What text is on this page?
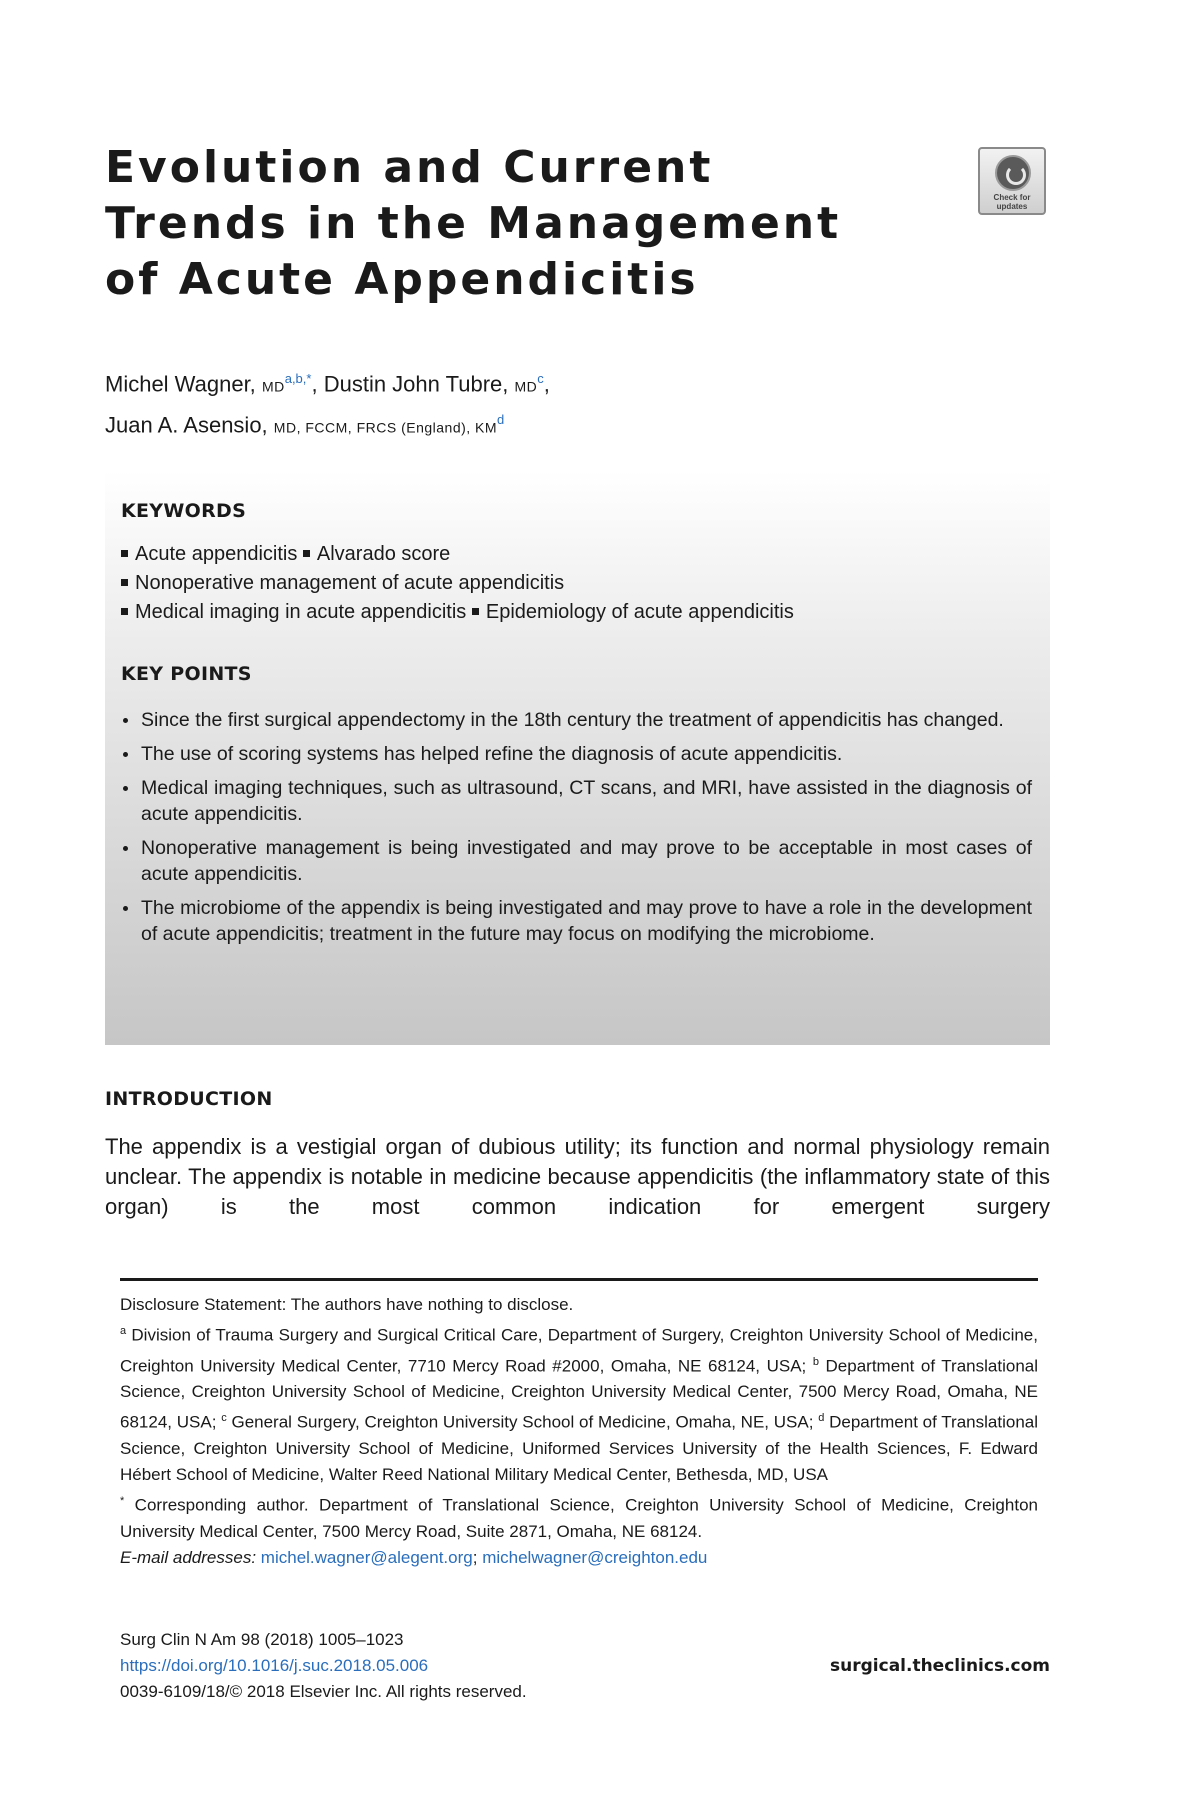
Evolution and Current
Trends in the Management
of Acute Appendicitis
Check for updates
Michel Wagner, $MD^{a,b,*}$, Dustin John Tubre, $MD^c$,
Juan A. Asensio, MD, FCCM, FRCS (England), $KM^d$
KEYWORDS

Acute appendicitis Alvarado score

Nonoperative management of acute appendicitis

Medical imaging in acute appendicitis Epidemiology of acute appendicitis

KEY POINTS
Since the first surgical appendectomy in the 18th century the treatment of appendicitis has changed.
The use of scoring systems has helped refine the diagnosis of acute appendicitis.
Medical imaging techniques, such as ultrasound, CT scans, and MRI, have assisted in the diagnosis of acute appendicitis.
Nonoperative management is being investigated and may prove to be acceptable in most cases of acute appendicitis.
The microbiome of the appendix is being investigated and may prove to have a role in the development of acute appendicitis; treatment in the future may focus on modifying the microbiome.
INTRODUCTION
The appendix is a vestigial organ of dubious utility; its function and normal physiology remain unclear. The appendix is notable in medicine because appendicitis (the inflammatory state of this organ) is the most common indication for emergent surgery

Disclosure Statement: The authors have nothing to disclose.

$^a$ Division of Trauma Surgery and Surgical Critical Care, Department of Surgery, Creighton University School of Medicine, Creighton University Medical Center, 7710 Mercy Road #2000, Omaha, NE 68124, USA; $^b$ Department of Translational Science, Creighton University School of Medicine, Creighton University Medical Center, 7500 Mercy Road, Omaha, NE 68124, USA; $^c$ General Surgery, Creighton University School of Medicine, Omaha, NE, USA; $^d$ Department of Translational Science, Creighton University School of Medicine, Uniformed Services University of the Health Sciences, F. Edward Hébert School of Medicine, Walter Reed National Military Medical Center, Bethesda, MD, USA

* Corresponding author. Department of Translational Science, Creighton University School of Medicine, Creighton University Medical Center, 7500 Mercy Road, Suite 2871, Omaha, NE 68124.

E-mail addresses: michel.wagner@alegent.org; michelwagner@creighton.edu

Surg Clin N Am 98 (2018) 1005–1023
https://doi.org/10.1016/j.suc.2018.05.006
0039-6109/18/© 2018 Elsevier Inc. All rights reserved.
surgical.theclinics.com
